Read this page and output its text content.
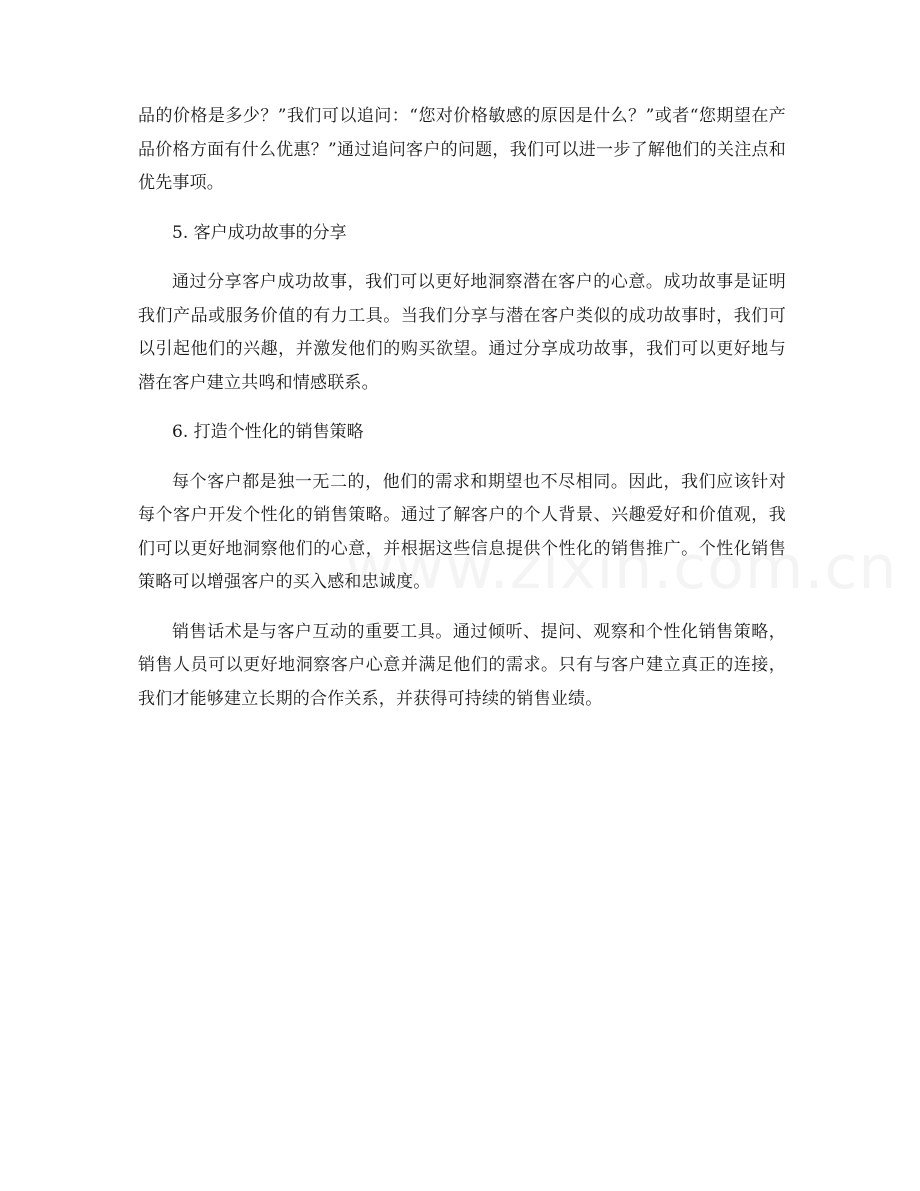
品的价格是多少？”我们可以追问：“您对价格敏感的原因是什么？”或者“您期望在产品价格方面有什么优惠？”通过追问客户的问题，我们可以进一步了解他们的关注点和优先事项。

5. 客户成功故事的分享

通过分享客户成功故事，我们可以更好地洞察潜在客户的心意。成功故事是证明我们产品或服务价值的有力工具。当我们分享与潜在客户类似的成功故事时，我们可以引起他们的兴趣，并激发他们的购买欲望。通过分享成功故事，我们可以更好地与潜在客户建立共鸣和情感联系。

6. 打造个性化的销售策略

每个客户都是独一无二的，他们的需求和期望也不尽相同。因此，我们应该针对每个客户开发个性化的销售策略。通过了解客户的个人背景、兴趣爱好和价值观，我们可以更好地洞察他们的心意，并根据这些信息提供个性化的销售推广。个性化销售策略可以增强客户的买入感和忠诚度。

销售话术是与客户互动的重要工具。通过倾听、提问、观察和个性化销售策略，销售人员可以更好地洞察客户心意并满足他们的需求。只有与客户建立真正的连接，我们才能够建立长期的合作关系，并获得可持续的销售业绩。
